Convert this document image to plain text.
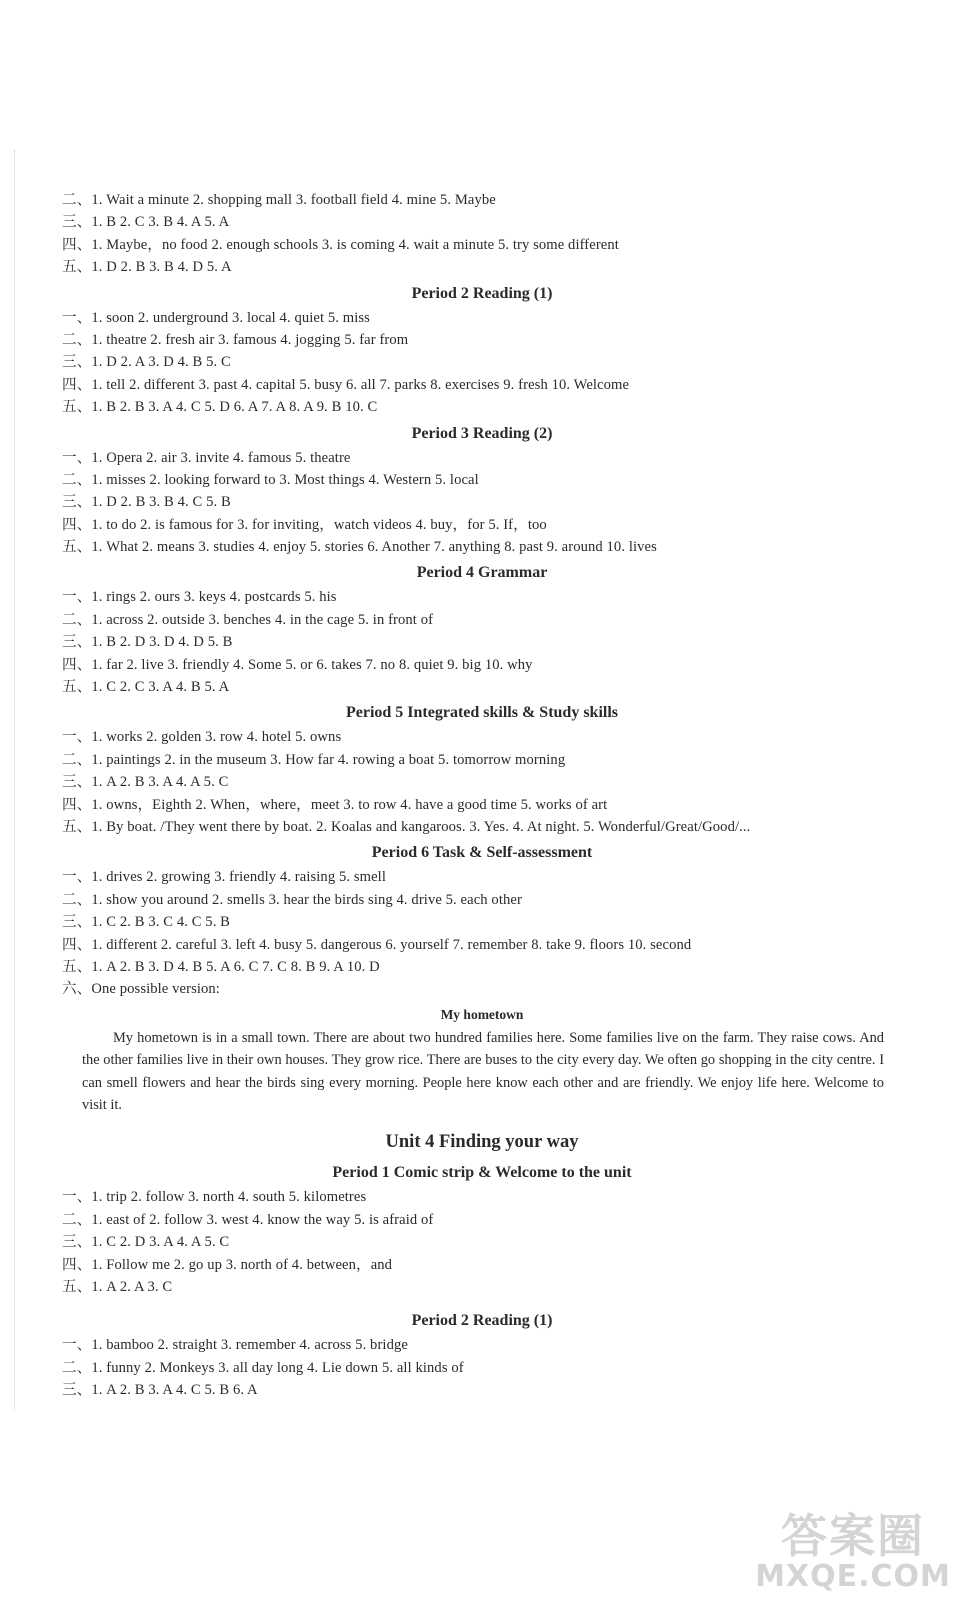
二、1. Wait a minute 2. shopping mall 3. football field 4. mine 5. Maybe
三、1. B 2. C 3. B 4. A 5. A
四、1. Maybe，no food 2. enough schools 3. is coming 4. wait a minute 5. try some different
五、1. D 2. B 3. B 4. D 5. A
Period 2 Reading (1)
一、1. soon 2. underground 3. local 4. quiet 5. miss
二、1. theatre 2. fresh air 3. famous 4. jogging 5. far from
三、1. D 2. A 3. D 4. B 5. C
四、1. tell 2. different 3. past 4. capital 5. busy 6. all 7. parks 8. exercises 9. fresh 10. Welcome
五、1. B 2. B 3. A 4. C 5. D 6. A 7. A 8. A 9. B 10. C
Period 3 Reading (2)
一、1. Opera 2. air 3. invite 4. famous 5. theatre
二、1. misses 2. looking forward to 3. Most things 4. Western 5. local
三、1. D 2. B 3. B 4. C 5. B
四、1. to do 2. is famous for 3. for inviting，watch videos 4. buy，for 5. If，too
五、1. What 2. means 3. studies 4. enjoy 5. stories 6. Another 7. anything 8. past 9. around 10. lives
Period 4 Grammar
一、1. rings 2. ours 3. keys 4. postcards 5. his
二、1. across 2. outside 3. benches 4. in the cage 5. in front of
三、1. B 2. D 3. D 4. D 5. B
四、1. far 2. live 3. friendly 4. Some 5. or 6. takes 7. no 8. quiet 9. big 10. why
五、1. C 2. C 3. A 4. B 5. A
Period 5 Integrated skills & Study skills
一、1. works 2. golden 3. row 4. hotel 5. owns
二、1. paintings 2. in the museum 3. How far 4. rowing a boat 5. tomorrow morning
三、1. A 2. B 3. A 4. A 5. C
四、1. owns，Eighth 2. When，where，meet 3. to row 4. have a good time 5. works of art
五、1. By boat. /They went there by boat. 2. Koalas and kangaroos. 3. Yes. 4. At night. 5. Wonderful/Great/Good/...
Period 6 Task & Self-assessment
一、1. drives 2. growing 3. friendly 4. raising 5. smell
二、1. show you around 2. smells 3. hear the birds sing 4. drive 5. each other
三、1. C 2. B 3. C 4. C 5. B
四、1. different 2. careful 3. left 4. busy 5. dangerous 6. yourself 7. remember 8. take 9. floors 10. second
五、1. A 2. B 3. D 4. B 5. A 6. C 7. C 8. B 9. A 10. D
六、One possible version:
My hometown
My hometown is in a small town. There are about two hundred families here. Some families live on the farm. They raise cows. And the other families live in their own houses. They grow rice. There are buses to the city every day. We often go shopping in the city centre. I can smell flowers and hear the birds sing every morning. People here know each other and are friendly. We enjoy life here. Welcome to visit it.
Unit 4 Finding your way
Period 1 Comic strip & Welcome to the unit
一、1. trip 2. follow 3. north 4. south 5. kilometres
二、1. east of 2. follow 3. west 4. know the way 5. is afraid of
三、1. C 2. D 3. A 4. A 5. C
四、1. Follow me 2. go up 3. north of 4. between，and
五、1. A 2. A 3. C
Period 2 Reading (1)
一、1. bamboo 2. straight 3. remember 4. across 5. bridge
二、1. funny 2. Monkeys 3. all day long 4. Lie down 5. all kinds of
三、1. A 2. B 3. A 4. C 5. B 6. A
答案圈
MXQE.COM
